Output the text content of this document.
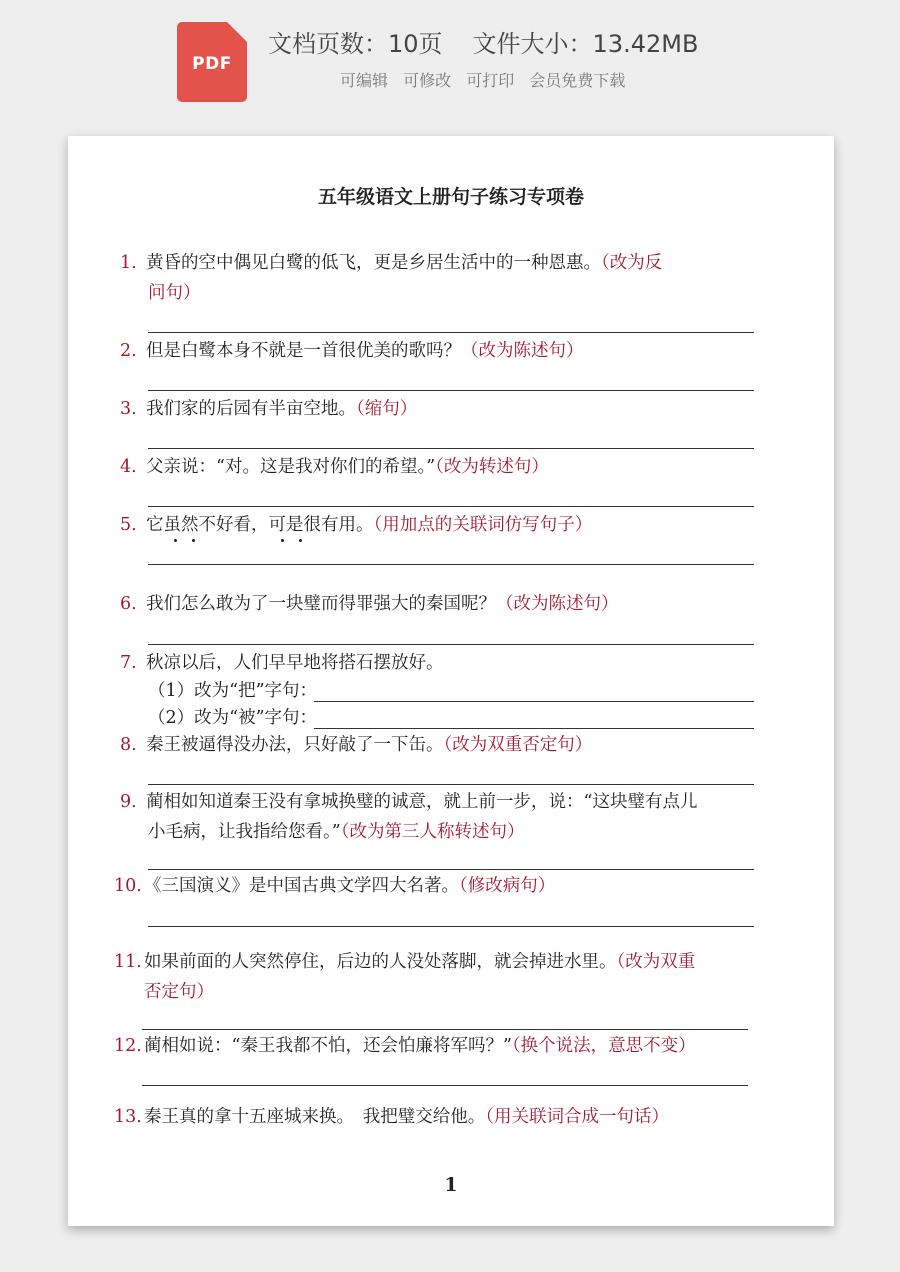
PDF
文档页数：10页 文件大小：13.42MB
可编辑 可修改 可打印 会员免费下载
五年级语文上册句子练习专项卷
1. 黄昏的空中偶见白鹭的低飞，更是乡居生活中的一种恩惠。（改为反
问句）
2. 但是白鹭本身不就是一首很优美的歌吗？（改为陈述句）
3. 我们家的后园有半亩空地。（缩句）
4. 父亲说：“对。这是我对你们的希望。”（改为转述句）
5. 它虽然不好看，可是很有用。（用加点的关联词仿写句子）
6. 我们怎么敢为了一块璧而得罪强大的秦国呢？（改为陈述句）
7. 秋凉以后，人们早早地将搭石摆放好。
（1）改为“把”字句：
（2）改为“被”字句：
8. 秦王被逼得没办法，只好敲了一下缶。（改为双重否定句）
9. 蔺相如知道秦王没有拿城换璧的诚意，就上前一步，说：“这块璧有点儿
小毛病，让我指给您看。”（改为第三人称转述句）
10. 《三国演义》是中国古典文学四大名著。（修改病句）
11. 如果前面的人突然停住，后边的人没处落脚，就会掉进水里。（改为双重
否定句）
12. 蔺相如说：“秦王我都不怕，还会怕廉将军吗？”（换个说法，意思不变）
13. 秦王真的拿十五座城来换。　我把璧交给他。（用关联词合成一句话）
1
